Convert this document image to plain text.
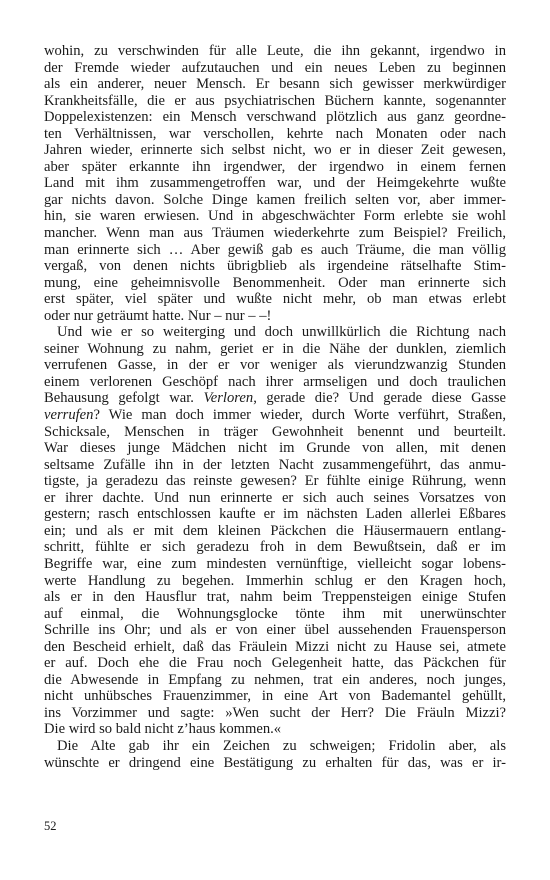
wohin, zu verschwinden für alle Leute, die ihn gekannt, irgendwo in
der Fremde wieder aufzutauchen und ein neues Leben zu beginnen
als ein anderer, neuer Mensch. Er besann sich gewisser merkwürdiger
Krankheitsfälle, die er aus psychiatrischen Büchern kannte, sogenannter
Doppelexistenzen: ein Mensch verschwand plötzlich aus ganz geordne-
ten Verhältnissen, war verschollen, kehrte nach Monaten oder nach
Jahren wieder, erinnerte sich selbst nicht, wo er in dieser Zeit gewesen,
aber später erkannte ihn irgendwer, der irgendwo in einem fernen
Land mit ihm zusammengetroffen war, und der Heimgekehrte wußte
gar nichts davon. Solche Dinge kamen freilich selten vor, aber immer-
hin, sie waren erwiesen. Und in abgeschwächter Form erlebte sie wohl
mancher. Wenn man aus Träumen wiederkehrte zum Beispiel? Freilich,
man erinnerte sich … Aber gewiß gab es auch Träume, die man völlig
vergaß, von denen nichts übrigblieb als irgendeine rätselhafte Stim-
mung, eine geheimnisvolle Benommenheit. Oder man erinnerte sich
erst später, viel später und wußte nicht mehr, ob man etwas erlebt
oder nur geträumt hatte. Nur – nur – –!
Und wie er so weiterging und doch unwillkürlich die Richtung nach
seiner Wohnung zu nahm, geriet er in die Nähe der dunklen, ziemlich
verrufenen Gasse, in der er vor weniger als vierundzwanzig Stunden
einem verlorenen Geschöpf nach ihrer armseligen und doch traulichen
Behausung gefolgt war. Verloren, gerade die? Und gerade diese Gasse
verrufen? Wie man doch immer wieder, durch Worte verführt, Straßen,
Schicksale, Menschen in träger Gewohnheit benennt und beurteilt.
War dieses junge Mädchen nicht im Grunde von allen, mit denen
seltsame Zufälle ihn in der letzten Nacht zusammengeführt, das anmu-
tigste, ja geradezu das reinste gewesen? Er fühlte einige Rührung, wenn
er ihrer dachte. Und nun erinnerte er sich auch seines Vorsatzes von
gestern; rasch entschlossen kaufte er im nächsten Laden allerlei Eßbares
ein; und als er mit dem kleinen Päckchen die Häusermauern entlang-
schritt, fühlte er sich geradezu froh in dem Bewußtsein, daß er im
Begriffe war, eine zum mindesten vernünftige, vielleicht sogar lobens-
werte Handlung zu begehen. Immerhin schlug er den Kragen hoch,
als er in den Hausflur trat, nahm beim Treppensteigen einige Stufen
auf einmal, die Wohnungsglocke tönte ihm mit unerwünschter
Schrille ins Ohr; und als er von einer übel aussehenden Frauensperson
den Bescheid erhielt, daß das Fräulein Mizzi nicht zu Hause sei, atmete
er auf. Doch ehe die Frau noch Gelegenheit hatte, das Päckchen für
die Abwesende in Empfang zu nehmen, trat ein anderes, noch junges,
nicht unhübsches Frauenzimmer, in eine Art von Bademantel gehüllt,
ins Vorzimmer und sagte: »Wen sucht der Herr? Die Fräuln Mizzi?
Die wird so bald nicht z’haus kommen.«
Die Alte gab ihr ein Zeichen zu schweigen; Fridolin aber, als
wünschte er dringend eine Bestätigung zu erhalten für das, was er ir-
52
